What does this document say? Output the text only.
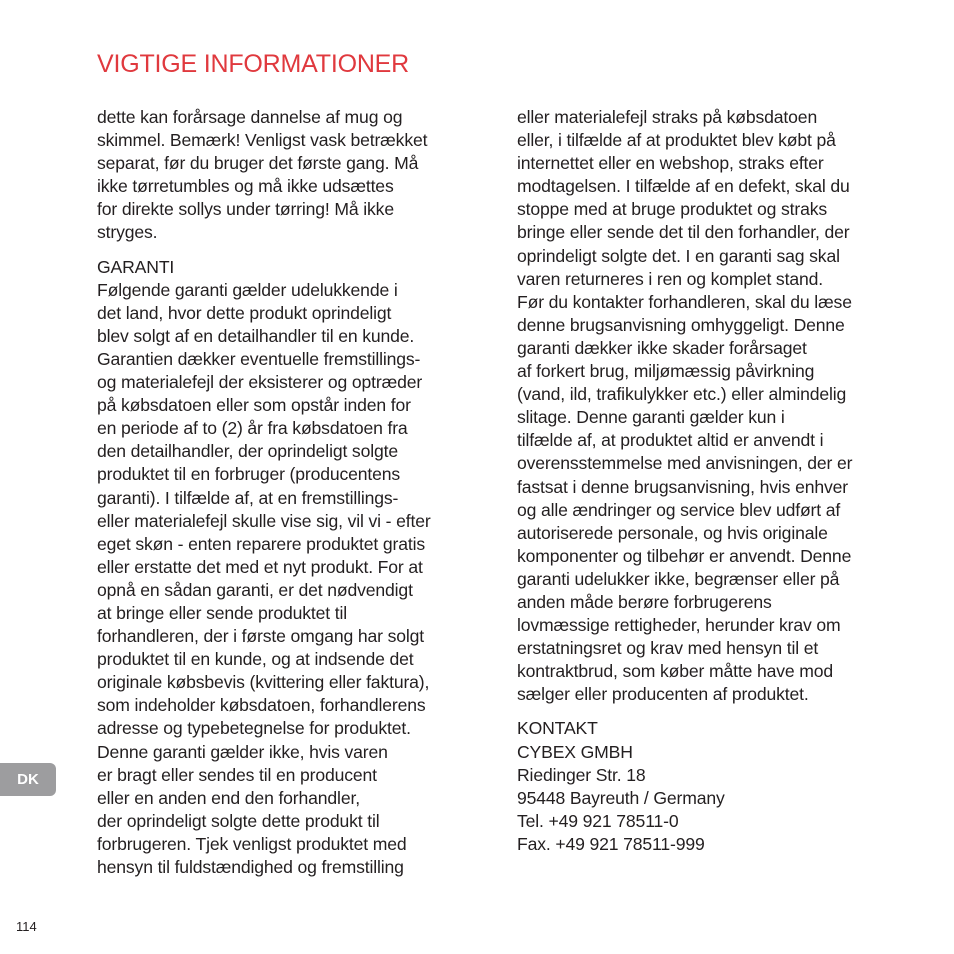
VIGTIGE INFORMATIONER
dette kan forårsage dannelse af mug og
skimmel. Bemærk! Venligst vask betrækket
separat, før du bruger det første gang. Må
ikke tørretumbles og må ikke udsættes
for direkte sollys under tørring! Må ikke
stryges.
GARANTI
Følgende garanti gælder udelukkende i
det land, hvor dette produkt oprindeligt
blev solgt af en detailhandler til en kunde.
Garantien dækker eventuelle fremstillings-
og materialefejl der eksisterer og optræder
på købsdatoen eller som opstår inden for
en periode af to (2) år fra købsdatoen fra
den detailhandler, der oprindeligt solgte
produktet til en forbruger (producentens
garanti). I tilfælde af, at en fremstillings-
eller materialefejl skulle vise sig, vil vi - efter
eget skøn - enten reparere produktet gratis
eller erstatte det med et nyt produkt. For at
opnå en sådan garanti, er det nødvendigt
at bringe eller sende produktet til
forhandleren, der i første omgang har solgt
produktet til en kunde, og at indsende det
originale købsbevis (kvittering eller faktura),
som indeholder købsdatoen, forhandlerens
adresse og typebetegnelse for produktet.
Denne garanti gælder ikke, hvis varen
er bragt eller sendes til en producent
eller en anden end den forhandler,
der oprindeligt solgte dette produkt til
forbrugeren. Tjek venligst produktet med
hensyn til fuldstændighed og fremstilling
eller materialefejl straks på købsdatoen
eller, i tilfælde af at produktet blev købt på
internettet eller en webshop, straks efter
modtagelsen. I tilfælde af en defekt, skal du
stoppe med at bruge produktet og straks
bringe eller sende det til den forhandler, der
oprindeligt solgte det. I en garanti sag skal
varen returneres i ren og komplet stand.
Før du kontakter forhandleren, skal du læse
denne brugsanvisning omhyggeligt. Denne
garanti dækker ikke skader forårsaget
af forkert brug, miljømæssig påvirkning
(vand, ild, trafikulykker etc.) eller almindelig
slitage. Denne garanti gælder kun i
tilfælde af, at produktet altid er anvendt i
overensstemmelse med anvisningen, der er
fastsat i denne brugsanvisning, hvis enhver
og alle ændringer og service blev udført af
autoriserede personale, og hvis originale
komponenter og tilbehør er anvendt. Denne
garanti udelukker ikke, begrænser eller på
anden måde berøre forbrugerens
lovmæssige rettigheder, herunder krav om
erstatningsret og krav med hensyn til et
kontraktbrud, som køber måtte have mod
sælger eller producenten af produktet.
KONTAKT
CYBEX GMBH
Riedinger Str. 18
95448 Bayreuth / Germany
Tel. +49 921 78511-0
Fax. +49 921 78511-999
DK
114
